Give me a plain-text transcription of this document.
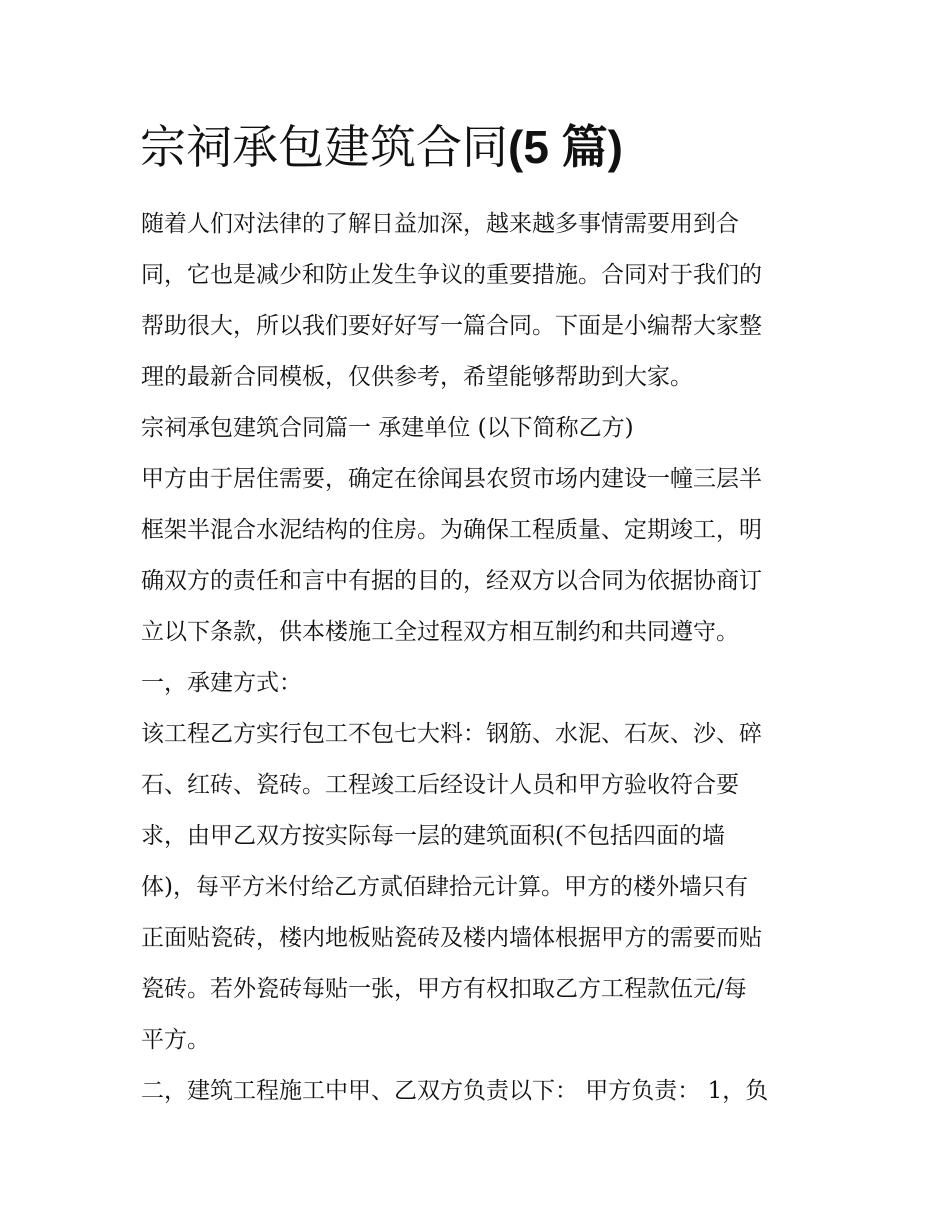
宗祠承包建筑合同(5 篇)
随着人们对法律的了解日益加深，越来越多事情需要用到合
同，它也是减少和防止发生争议的重要措施。合同对于我们的
帮助很大，所以我们要好好写一篇合同。下面是小编帮大家整
理的最新合同模板，仅供参考，希望能够帮助到大家。
宗祠承包建筑合同篇一 承建单位 (以下简称乙方)
甲方由于居住需要，确定在徐闻县农贸市场内建设一幢三层半
框架半混合水泥结构的住房。为确保工程质量、定期竣工，明
确双方的责任和言中有据的目的，经双方以合同为依据协商订
立以下条款，供本楼施工全过程双方相互制约和共同遵守。
一，承建方式：
该工程乙方实行包工不包七大料：钢筋、水泥、石灰、沙、碎
石、红砖、瓷砖。工程竣工后经设计人员和甲方验收符合要
求，由甲乙双方按实际每一层的建筑面积(不包括四面的墙
体)，每平方米付给乙方贰佰肆拾元计算。甲方的楼外墙只有
正面贴瓷砖，楼内地板贴瓷砖及楼内墙体根据甲方的需要而贴
瓷砖。若外瓷砖每贴一张，甲方有权扣取乙方工程款伍元/每
平方。
二，建筑工程施工中甲、乙双方负责以下： 甲方负责： 1，负
